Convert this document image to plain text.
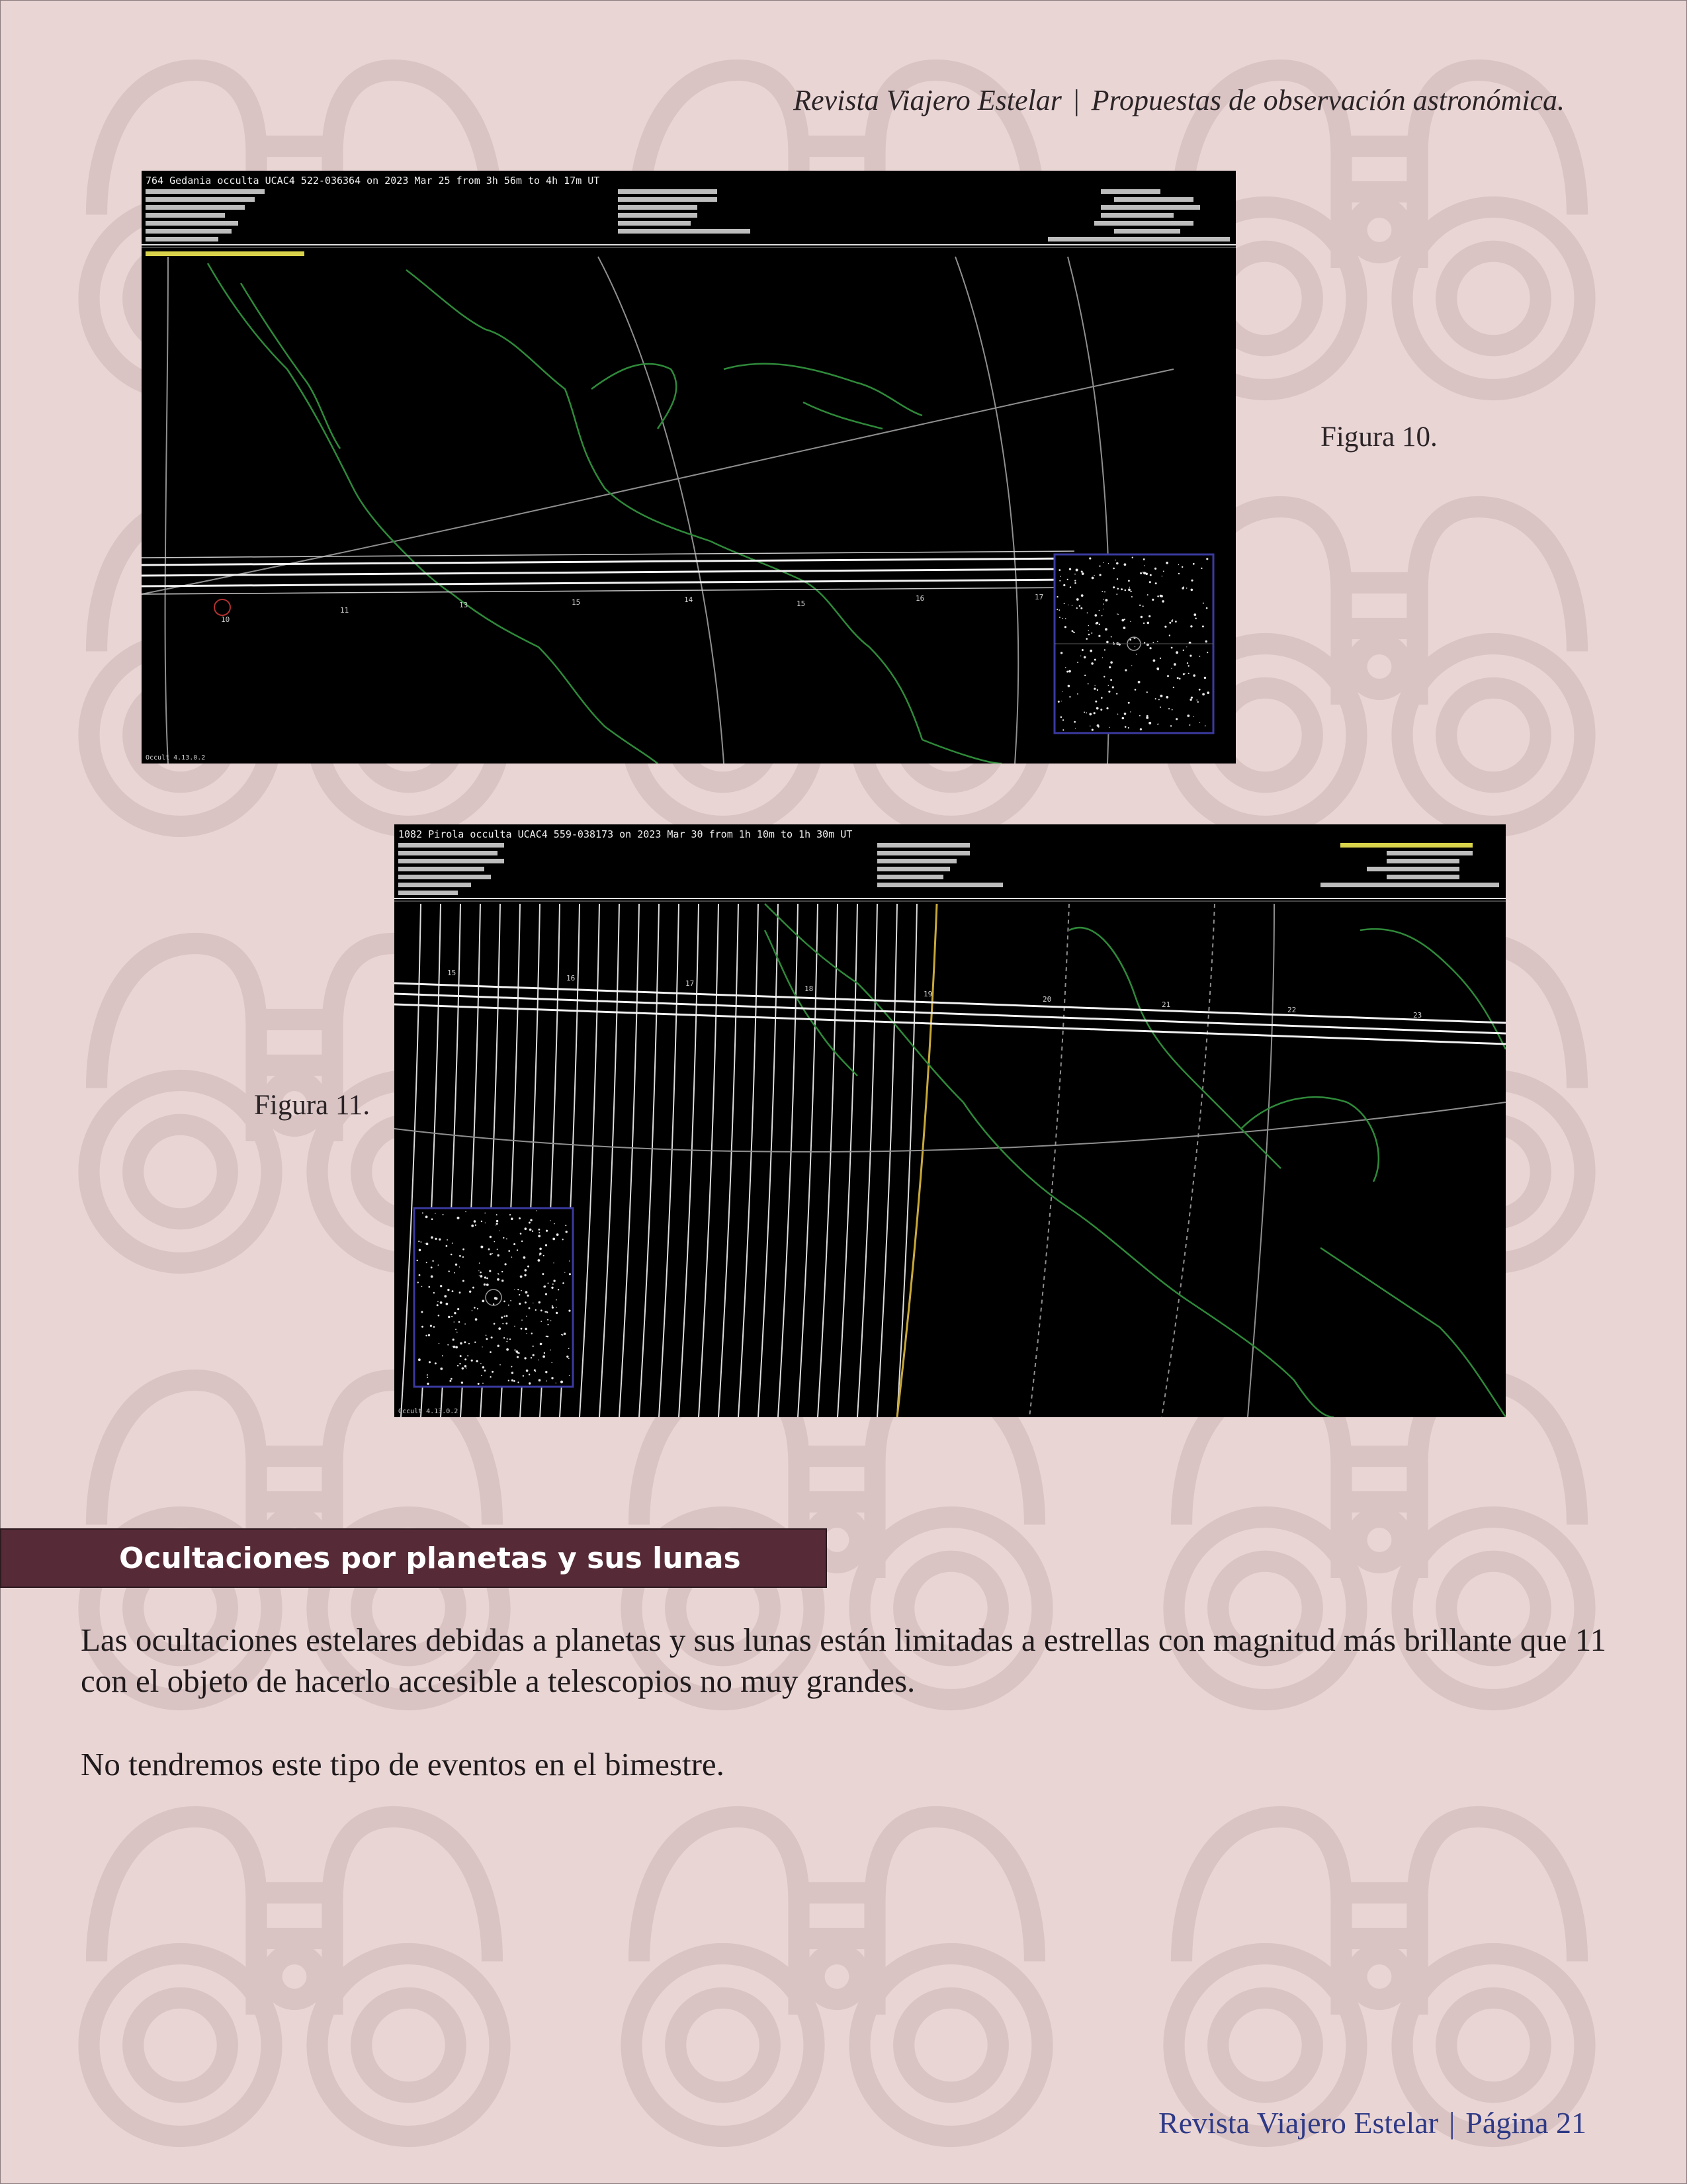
Revista Viajero Estelar | Propuestas de observación astronómica.
764 Gedania occulta UCAC4 522-036364 on 2023 Mar 25 from 3h 56m to 4h 17m UT
10
11
13	15	14	15
16	17
Occult 4.13.0.2
Figura 10.
1082 Pirola occulta UCAC4 559-038173 on 2023 Mar 30 from 1h 10m to 1h 30m UT
15
16
17
18
19
20
21
22
23
Occult 4.13.0.2
Figura 11.
Ocultaciones por planetas y sus lunas
Las ocultaciones estelares debidas a planetas y sus lunas están limitadas a estrellas con magnitud más brillante que 11 con el objeto de hacerlo accesible a telescopios no muy grandes.
No tendremos este tipo de eventos en el bimestre.
Revista Viajero Estelar | Página 21
